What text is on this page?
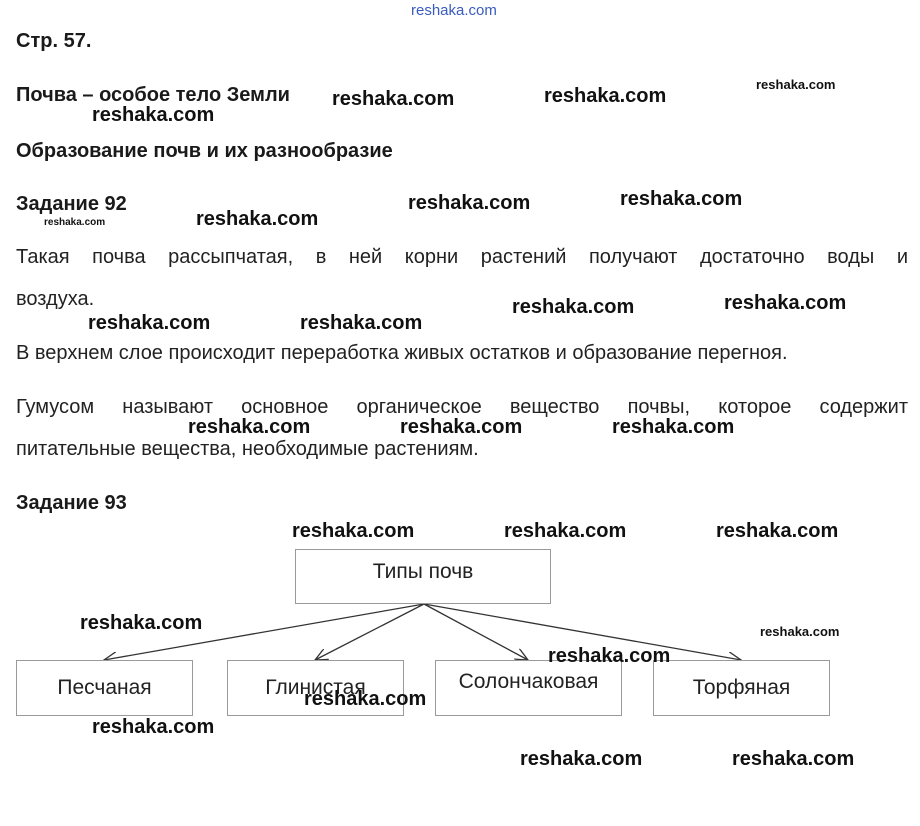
reshaka.com
Стр. 57.
Почва – особое тело Земли
Образование почв и их разнообразие
Задание 92
Такая почва рассыпчатая, в ней корни растений получают достаточно воды и
воздуха.
В верхнем слое происходит переработка живых остатков и образование перегноя.
Гумусом называют основное органическое вещество почвы, которое содержит
питательные вещества, необходимые растениям.
Задание 93
Типы почв
Песчаная	Глинистая	Солончаковая	Торфяная
reshaka.com	reshaka.com
reshaka.com
reshaka.com
reshaka.com	reshaka.com
reshaka.com	reshaka.com
reshaka.com	reshaka.com
reshaka.com	reshaka.com
reshaka.com	reshaka.com	reshaka.com
reshaka.com	reshaka.com	reshaka.com
reshaka.com	reshaka.com
reshaka.com
reshaka.com
reshaka.com
reshaka.com	reshaka.com
